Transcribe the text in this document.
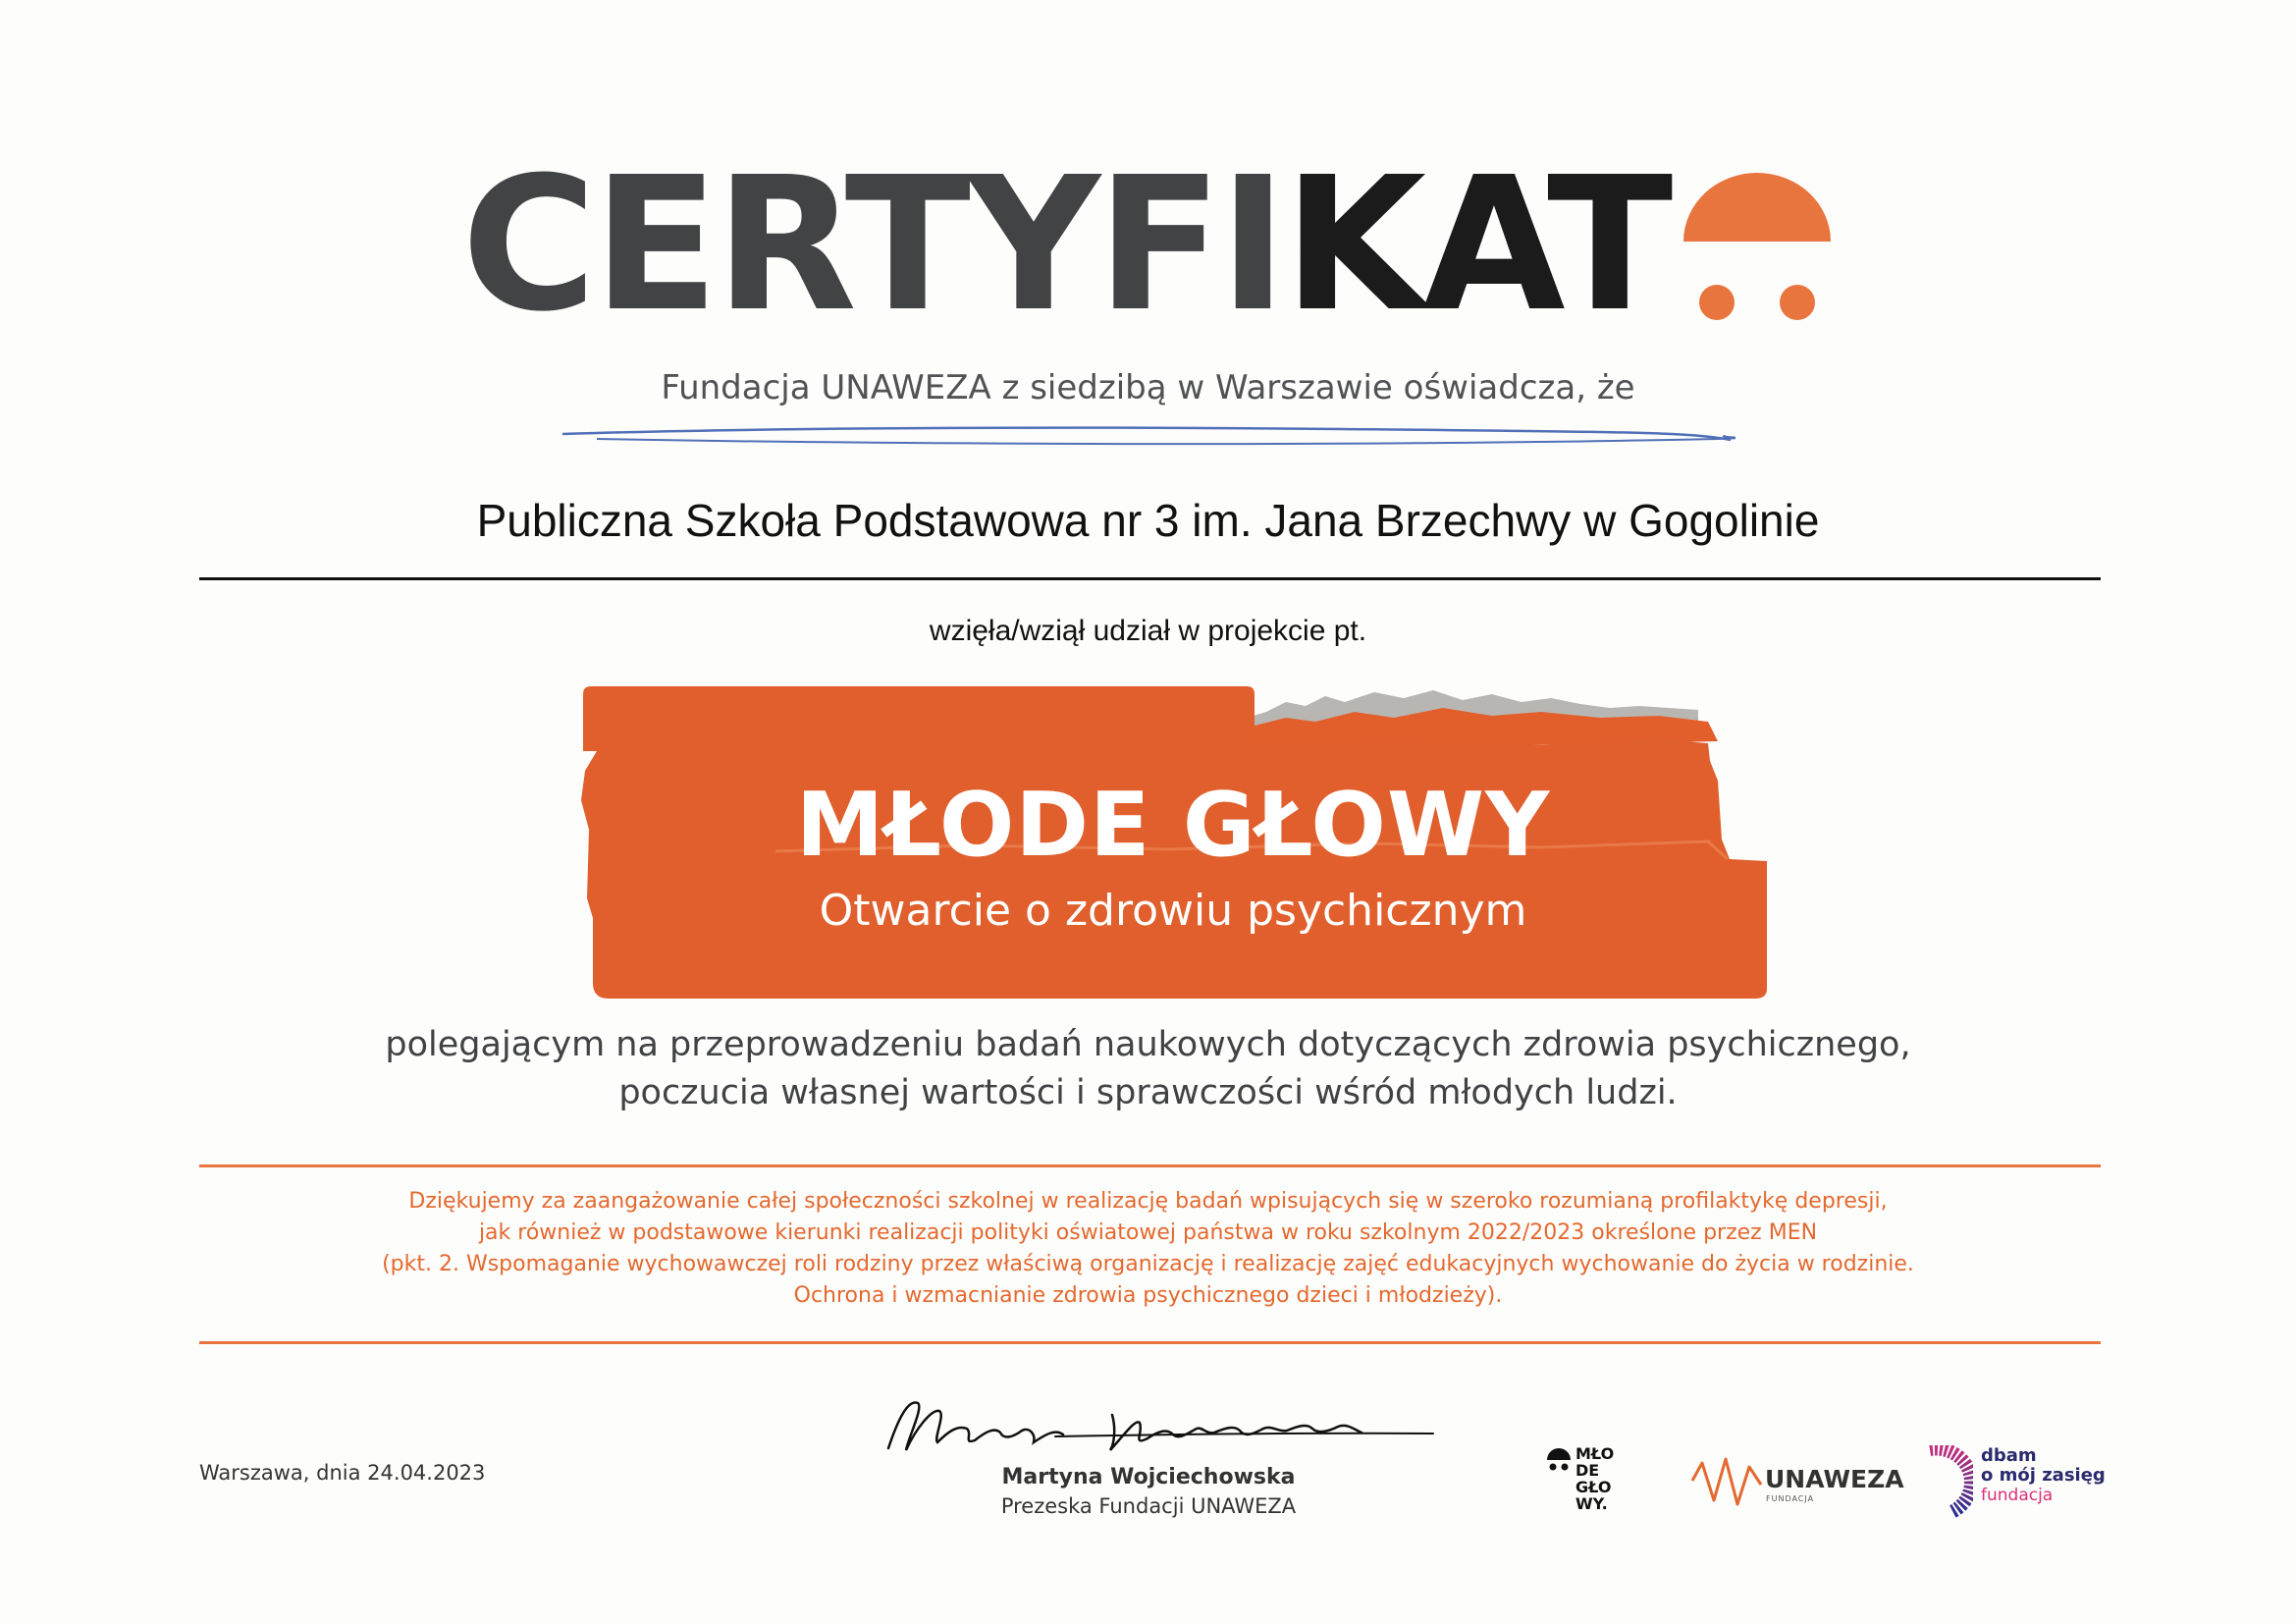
CERTYFIKAT
Fundacja UNAWEZA z siedzibą w Warszawie oświadcza, że
Publiczna Szkoła Podstawowa nr 3 im. Jana Brzechwy w Gogolinie
wzięła/wziął udział w projekcie pt.
MŁODE GŁOWY
Otwarcie o zdrowiu psychicznym
polegającym na przeprowadzeniu badań naukowych dotyczących zdrowia psychicznego,
poczucia własnej wartości i sprawczości wśród młodych ludzi.
Dziękujemy za zaangażowanie całej społeczności szkolnej w realizację badań wpisujących się w szeroko rozumianą profilaktykę depresji,
jak również w podstawowe kierunki realizacji polityki oświatowej państwa w roku szkolnym 2022/2023 określone przez MEN
(pkt. 2. Wspomaganie wychowawczej roli rodziny przez właściwą organizację i realizację zajęć edukacyjnych wychowanie do życia w rodzinie.
Ochrona i wzmacnianie zdrowia psychicznego dzieci i młodzieży).
Warszawa, dnia 24.04.2023	Martyna Wojciechowska
Prezeska Fundacji UNAWEZA
MŁO
DE
GŁO
WY.
UNAWEZA
FUNDACJA
dbam
o mój zasięg
fundacja
